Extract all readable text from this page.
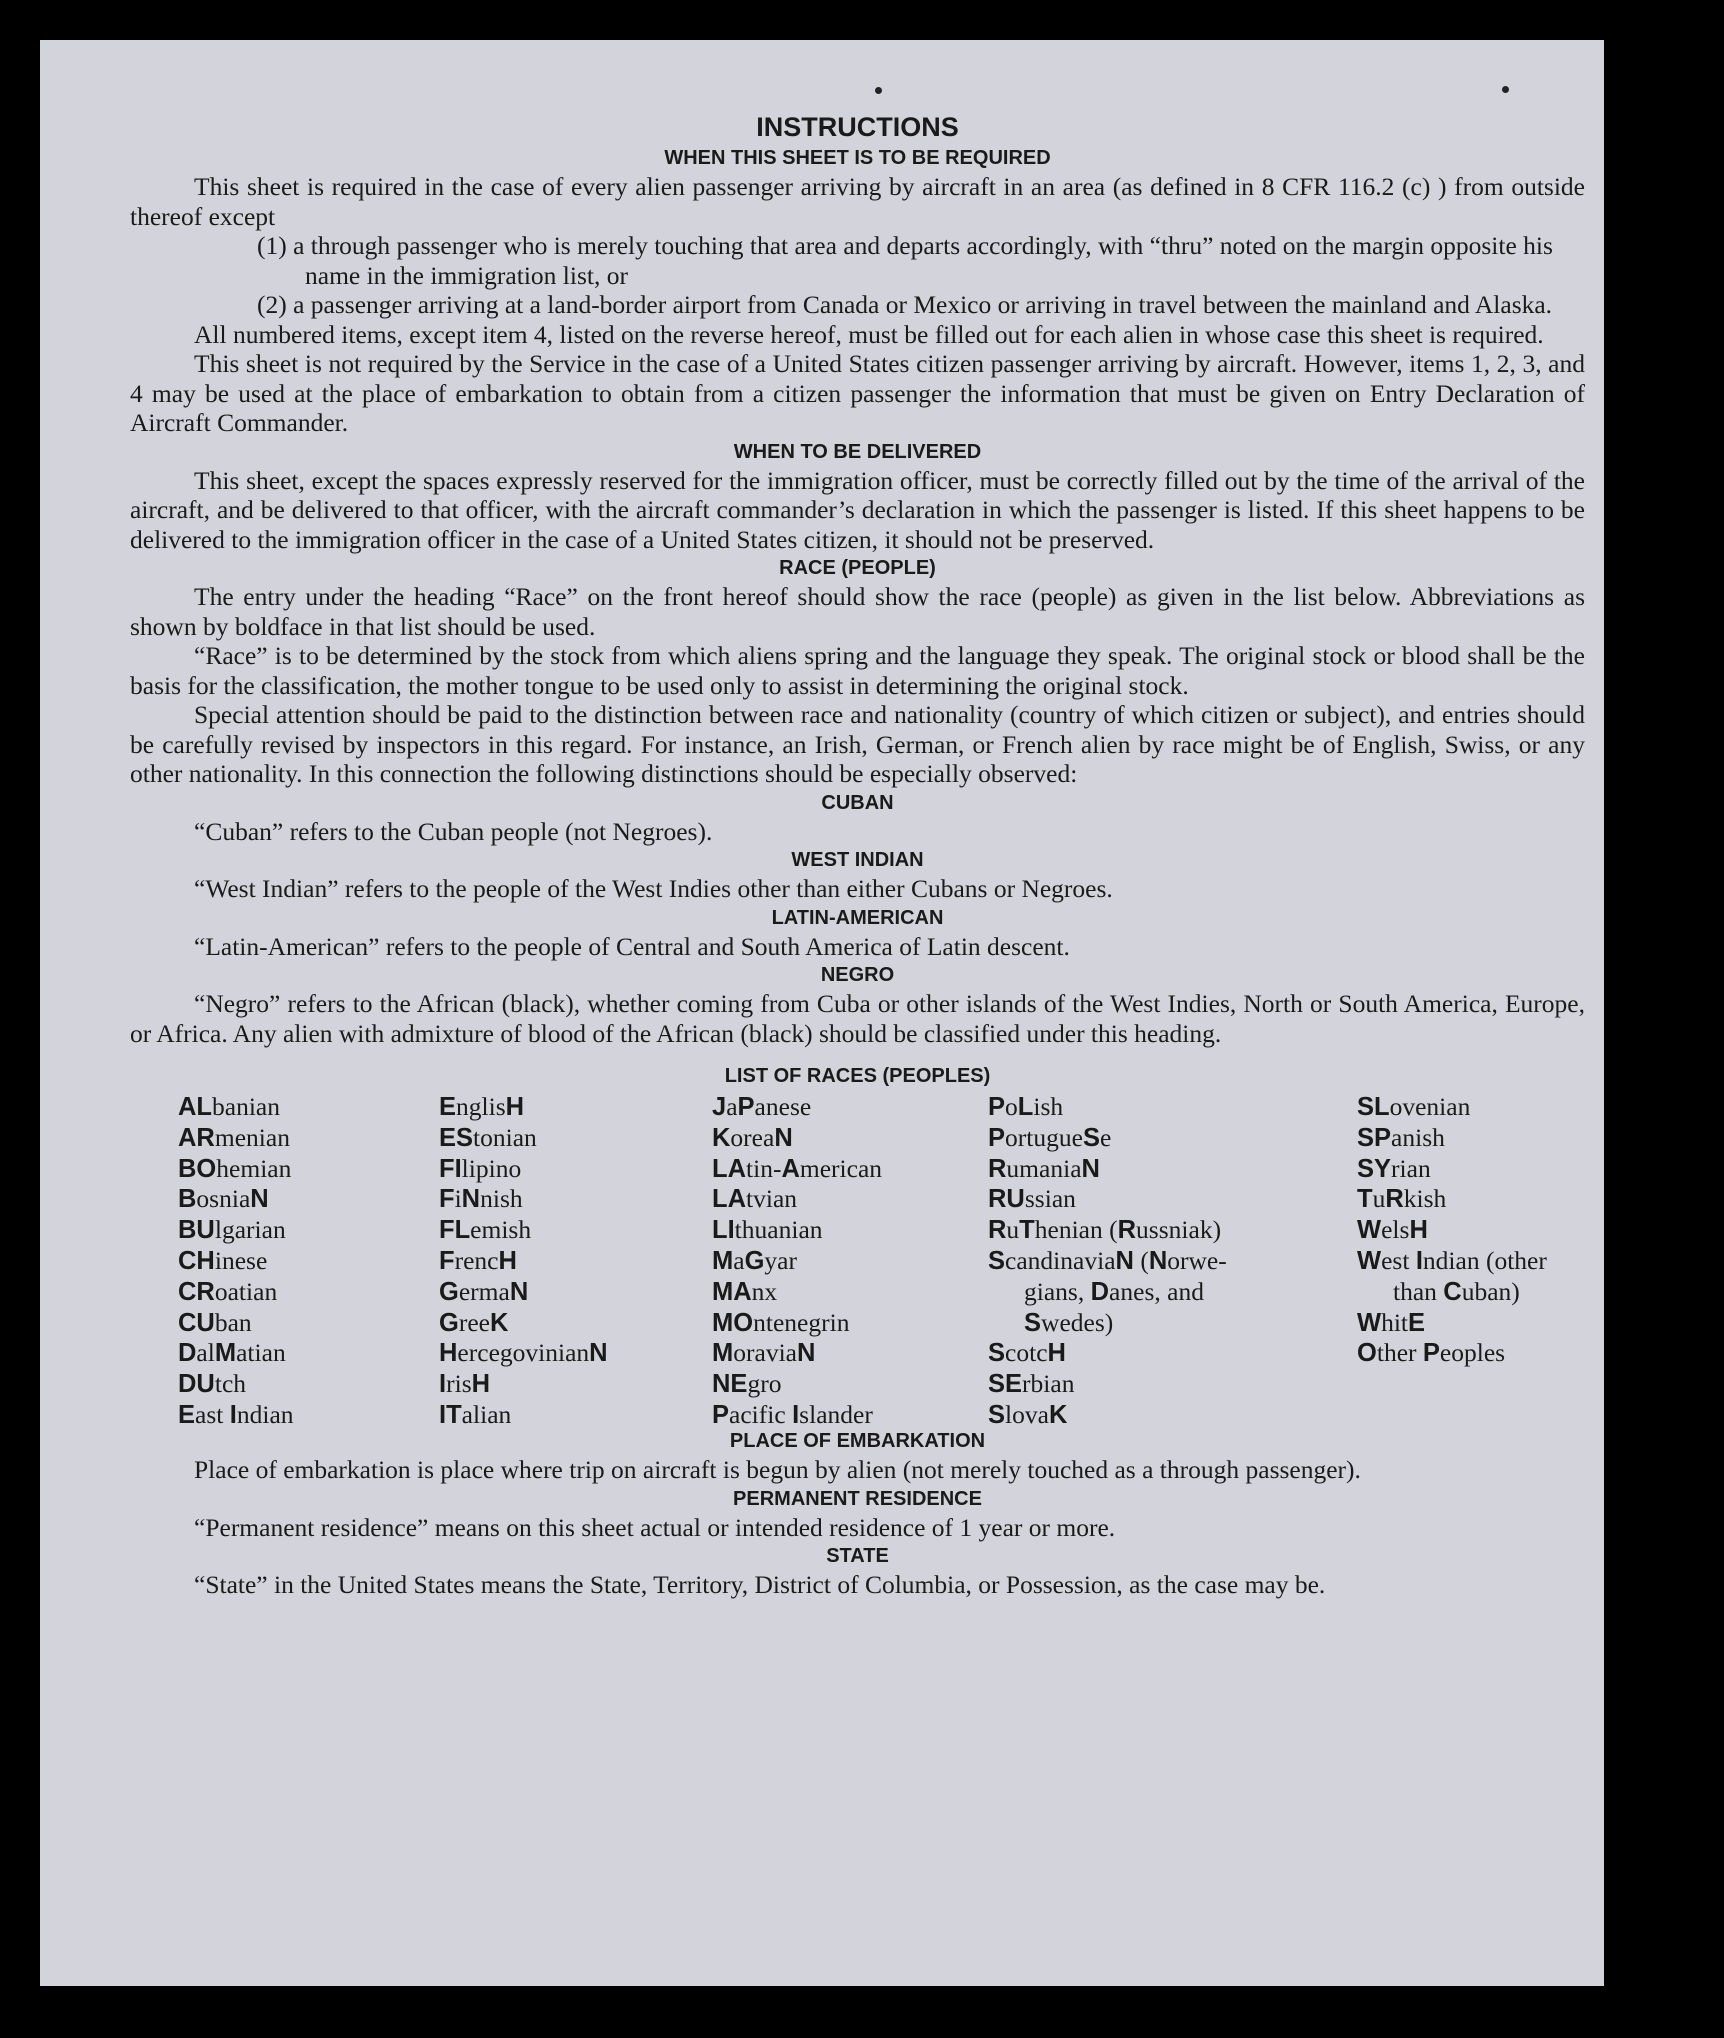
INSTRUCTIONS
WHEN THIS SHEET IS TO BE REQUIRED

This sheet is required in the case of every alien passenger arriving by aircraft in an area (as defined in 8 CFR 116.2 (c) ) from outside thereof except

(1) a through passenger who is merely touching that area and departs accordingly, with “thru” noted on the margin opposite his name in the immigration list, or

(2) a passenger arriving at a land-border airport from Canada or Mexico or arriving in travel between the mainland and Alaska.

All numbered items, except item 4, listed on the reverse hereof, must be filled out for each alien in whose case this sheet is required.

This sheet is not required by the Service in the case of a United States citizen passenger arriving by aircraft. However, items 1, 2, 3, and 4 may be used at the place of embarkation to obtain from a citizen passenger the information that must be given on Entry Declaration of Aircraft Commander.

WHEN TO BE DELIVERED

This sheet, except the spaces expressly reserved for the immigration officer, must be correctly filled out by the time of the arrival of the aircraft, and be delivered to that officer, with the aircraft commander’s declaration in which the passenger is listed. If this sheet happens to be delivered to the immigration officer in the case of a United States citizen, it should not be preserved.

RACE (PEOPLE)

The entry under the heading “Race” on the front hereof should show the race (people) as given in the list below. Abbreviations as shown by boldface in that list should be used.

“Race” is to be determined by the stock from which aliens spring and the language they speak. The original stock or blood shall be the basis for the classification, the mother tongue to be used only to assist in determining the original stock.

Special attention should be paid to the distinction between race and nationality (country of which citizen or subject), and entries should be carefully revised by inspectors in this regard. For instance, an Irish, German, or French alien by race might be of English, Swiss, or any other nationality. In this connection the following distinctions should be especially observed:

CUBAN

“Cuban” refers to the Cuban people (not Negroes).

WEST INDIAN

“West Indian” refers to the people of the West Indies other than either Cubans or Negroes.

LATIN-AMERICAN

“Latin-American” refers to the people of Central and South America of Latin descent.

NEGRO

“Negro” refers to the African (black), whether coming from Cuba or other islands of the West Indies, North or South America, Europe, or Africa. Any alien with admixture of blood of the African (black) should be classified under this heading.

LIST OF RACES (PEOPLES)
ALbanian
ARmenian
BOhemian
BosniaN
BUlgarian
CHinese
CRoatian
CUban
DalMatian
DUtch
East Indian
EnglisH
EStonian
FIlipino
FiNnish
FLemish
FrencH
GermaN
GreeK
HercegovinianN
IrisH
ITalian
JaPanese
KoreaN
LAtin-American
LAtvian
LIthuanian
MaGyar
MAnx
MOntenegrin
MoraviaN
NEgro
Pacific Islander
PoLish
PortugueSe
RumaniaN
RUssian
RuThenian (Russniak)
ScandinaviaN (Norwe-
gians, Danes, and
Swedes)
ScotcH
SErbian
SlovaK
SLovenian
SPanish
SYrian
TuRkish
WelsH
West Indian (other
than Cuban)
WhitE
Other Peoples
PLACE OF EMBARKATION

Place of embarkation is place where trip on aircraft is begun by alien (not merely touched as a through passenger).

PERMANENT RESIDENCE

“Permanent residence” means on this sheet actual or intended residence of 1 year or more.

STATE

“State” in the United States means the State, Territory, District of Columbia, or Possession, as the case may be.
